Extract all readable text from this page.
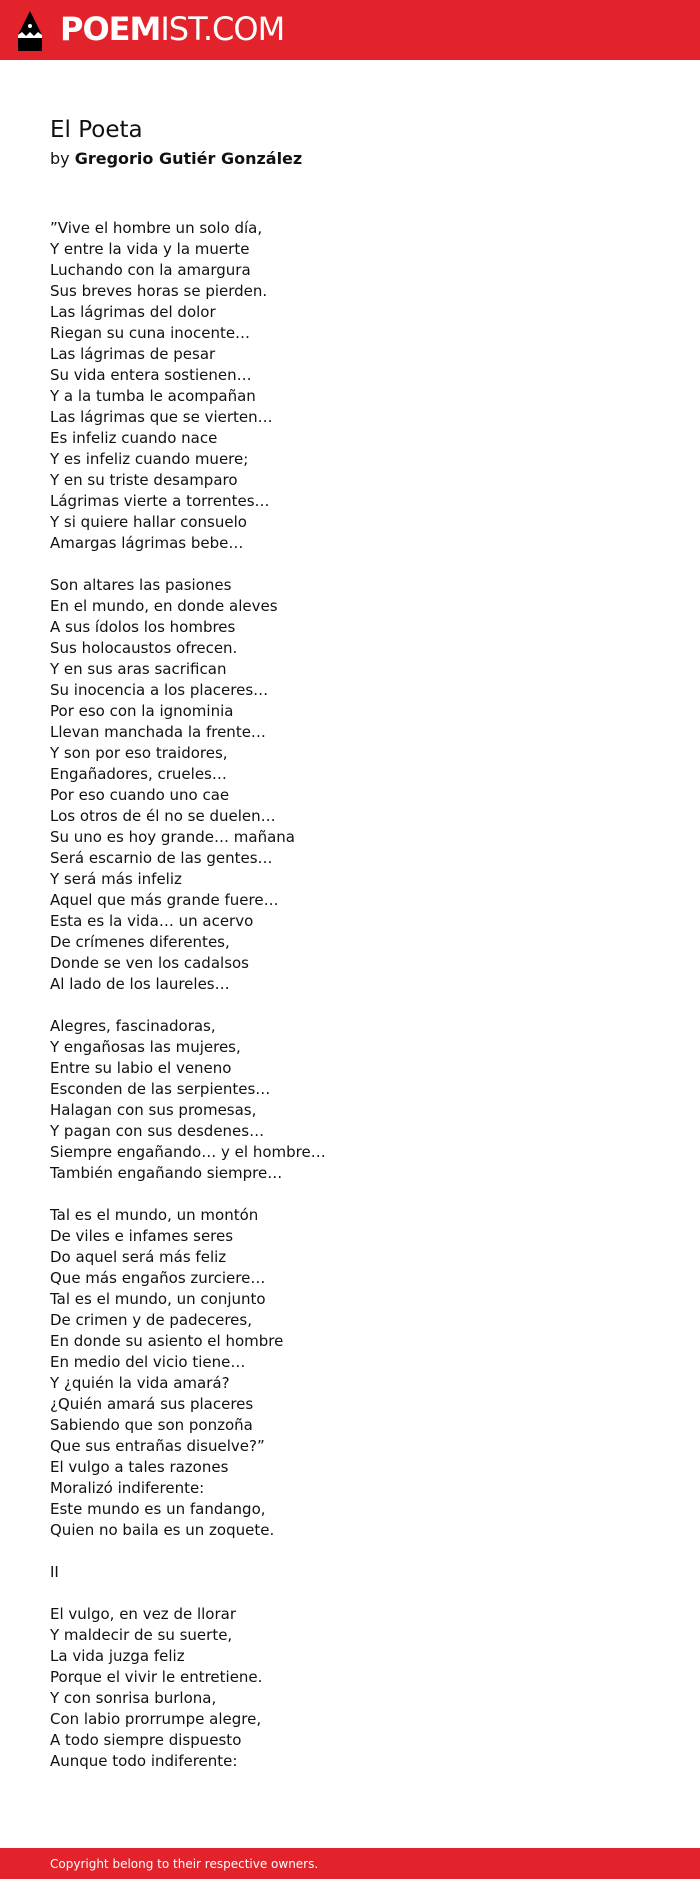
POEMIST.COM
El Poeta
by Gregorio Gutiér González
”Vive el hombre un solo día,
Y entre la vida y la muerte
Luchando con la amargura
Sus breves horas se pierden.
Las lágrimas del dolor
Riegan su cuna inocente…
Las lágrimas de pesar
Su vida entera sostienen…
Y a la tumba le acompañan
Las lágrimas que se vierten…
Es infeliz cuando nace
Y es infeliz cuando muere;
Y en su triste desamparo
Lágrimas vierte a torrentes…
Y si quiere hallar consuelo
Amargas lágrimas bebe…
Son altares las pasiones
En el mundo, en donde aleves
A sus ídolos los hombres
Sus holocaustos ofrecen.
Y en sus aras sacrifican
Su inocencia a los placeres…
Por eso con la ignominia
Llevan manchada la frente…
Y son por eso traidores,
Engañadores, crueles…
Por eso cuando uno cae
Los otros de él no se duelen…
Su uno es hoy grande… mañana
Será escarnio de las gentes…
Y será más infeliz
Aquel que más grande fuere…
Esta es la vida… un acervo
De crímenes diferentes,
Donde se ven los cadalsos
Al lado de los laureles…
Alegres, fascinadoras,
Y engañosas las mujeres,
Entre su labio el veneno
Esconden de las serpientes…
Halagan con sus promesas,
Y pagan con sus desdenes…
Siempre engañando… y el hombre…
También engañando siempre…
Tal es el mundo, un montón
De viles e infames seres
Do aquel será más feliz
Que más engaños zurciere…
Tal es el mundo, un conjunto
De crimen y de padeceres,
En donde su asiento el hombre
En medio del vicio tiene…
Y ¿quién la vida amará?
¿Quién amará sus placeres
Sabiendo que son ponzoña
Que sus entrañas disuelve?”
El vulgo a tales razones
Moralizó indiferente:
Este mundo es un fandango,
Quien no baila es un zoquete.
II
El vulgo, en vez de llorar
Y maldecir de su suerte,
La vida juzga feliz
Porque el vivir le entretiene.
Y con sonrisa burlona,
Con labio prorrumpe alegre,
A todo siempre dispuesto
Aunque todo indiferente:
Copyright belong to their respective owners.
